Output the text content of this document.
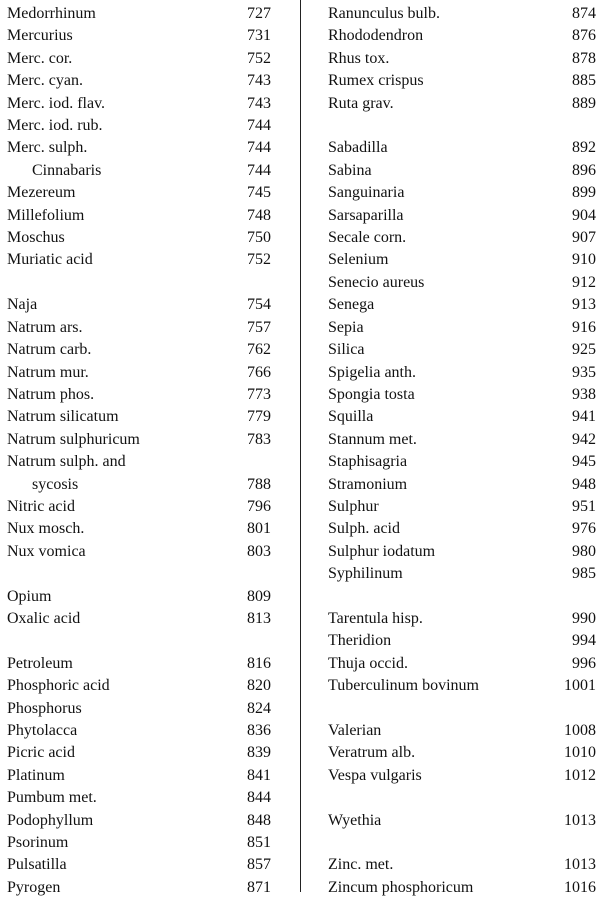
Medorrhinum	727
Mercurius	731
Merc. cor.	752
Merc. cyan.	743
Merc. iod. flav.	743
Merc. iod. rub.	744
Merc. sulph.	744
Cinnabaris	744
Mezereum	745
Millefolium	748
Moschus	750
Muriatic acid	752
Naja	754
Natrum ars.	757
Natrum carb.	762
Natrum mur.	766
Natrum phos.	773
Natrum silicatum	779
Natrum sulphuricum	783
Natrum sulph. and
sycosis	788
Nitric acid	796
Nux mosch.	801
Nux vomica	803
Opium	809
Oxalic acid	813
Petroleum	816
Phosphoric acid	820
Phosphorus	824
Phytolacca	836
Picric acid	839
Platinum	841
Pumbum met.	844
Podophyllum	848
Psorinum	851
Pulsatilla	857
Pyrogen	871
Ranunculus bulb.	874
Rhododendron	876
Rhus tox.	878
Rumex crispus	885
Ruta grav.	889
Sabadilla	892
Sabina	896
Sanguinaria	899
Sarsaparilla	904
Secale corn.	907
Selenium	910
Senecio aureus	912
Senega	913
Sepia	916
Silica	925
Spigelia anth.	935
Spongia tosta	938
Squilla	941
Stannum met.	942
Staphisagria	945
Stramonium	948
Sulphur	951
Sulph. acid	976
Sulphur iodatum	980
Syphilinum	985
Tarentula hisp.	990
Theridion	994
Thuja occid.	996
Tuberculinum bovinum	1001
Valerian	1008
Veratrum alb.	1010
Vespa vulgaris	1012
Wyethia	1013
Zinc. met.	1013
Zincum phosphoricum	1016
